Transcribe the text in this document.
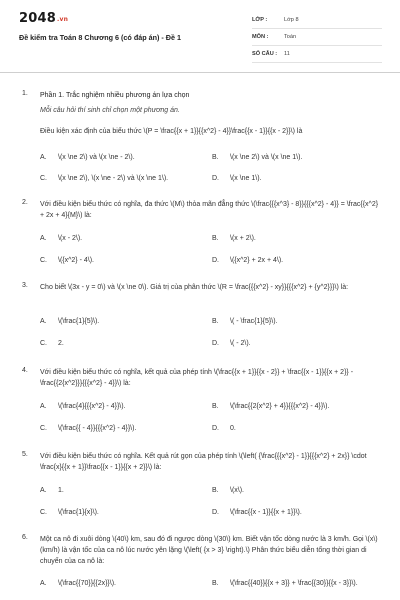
2048.vn
Đề kiểm tra Toán 8 Chương 6 (có đáp án) - Đề 1
LỚP :	Lớp 8
MÔN :	Toán
SỐ CÂU :	11
1. Phần 1. Trắc nghiệm nhiều phương án lựa chọn
Mỗi câu hỏi thí sinh chỉ chọn một phương án.
Điều kiện xác định của biểu thức \(P = \frac{{x + 1}}{{x^2} - 4}}\frac{{x - 1}}{{x - 2}}\) là
A.	\(x \ne 2\) và \(x \ne - 2\).	B.	\(x \ne 2\) và \(x \ne 1\).
C.	\(x \ne 2\), \(x \ne - 2\) và \(x \ne 1\).	D.	\(x \ne 1\).
2. Với điều kiện biểu thức có nghĩa, đa thức \(M\) thỏa mãn đẳng thức \(\frac{{{x^3} - 8}}{{{x^2} - 4}} = \frac{{x^2} + 2x + 4}{M}\) là:
A.	\(x - 2\).	B.	\(x + 2\).
C.	\({x^2} - 4\).	D.	\({x^2} + 2x + 4\).
3. Cho biết \(3x - y = 0\) và \(x \ne 0\). Giá trị của phân thức \(R = \frac{{{x^2} - xy}}{{{x^2} + {y^2}}}\) là:
A.	\(\frac{1}{5}\).	B.	\( - \frac{1}{5}\).
C.	2.	D.	\( - 2\).
4. Với điều kiện biểu thức có nghĩa, kết quả của phép tính \(\frac{{x + 1}}{{x - 2}} + \frac{{x - 1}}{{x + 2}} - \frac{{2{x^2}}}{{{x^2} - 4}}\) là:
A.	\(\frac{4}{{{x^2} - 4}}\).	B.	\(\frac{{2{x^2} + 4}}{{{x^2} - 4}}\).
C.	\(\frac{{ - 4}}{{{x^2} - 4}}\).	D.	0.
5. Với điều kiện biểu thức có nghĩa. Kết quả rút gọn của phép tính \(\left( {\frac{{{x^2} - 1}}{{{x^2} + 2x}} \cdot \frac{x}{{x + 1}}\frac{{x - 1}}{{x + 2}}\) là:
A.	1.	B.	\(x\).
C.	\(\frac{1}{x}\).	D.	\(\frac{{x - 1}}{{x + 1}}\).
6. Một ca nô đi xuôi dòng \(40\) km, sau đó đi ngược dòng \(30\) km. Biết vận tốc dòng nước là 3 km/h. Gọi \(x\) (km/h) là vận tốc của ca nô lúc nước yên lặng \(\left( {x > 3} \right).\) Phân thức biểu diễn tổng thời gian di chuyển của ca nô là:
A.	\(\frac{{70}}{{2x}}\).	B.	\(\frac{{40}}{{x + 3}} + \frac{{30}}{{x - 3}}\).
